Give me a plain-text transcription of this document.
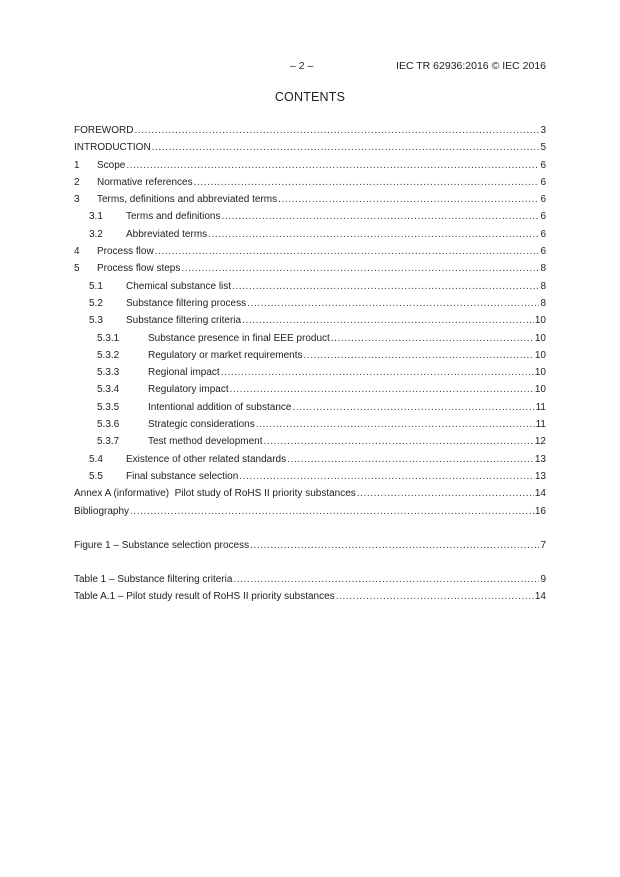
– 2 –	IEC TR 62936:2016 © IEC 2016
CONTENTS
FOREWORD .....	3
INTRODUCTION .....	5
1	Scope .....	6
2	Normative references .....	6
3	Terms, definitions and abbreviated terms .....	6
3.1	Terms and definitions .....	6
3.2	Abbreviated terms .....	6
4	Process flow .....	6
5	Process flow steps .....	8
5.1	Chemical substance list .....	8
5.2	Substance filtering process .....	8
5.3	Substance filtering criteria .....	10
5.3.1	Substance presence in final EEE product .....	10
5.3.2	Regulatory or market requirements .....	10
5.3.3	Regional impact .....	10
5.3.4	Regulatory impact .....	10
5.3.5	Intentional addition of substance .....	11
5.3.6	Strategic considerations .....	11
5.3.7	Test method development .....	12
5.4	Existence of other related standards .....	13
5.5	Final substance selection .....	13
Annex A (informative)  Pilot study of RoHS II priority substances .....	14
Bibliography .....	16
Figure 1 – Substance selection process .....	7
Table 1 – Substance filtering criteria .....	9
Table A.1 – Pilot study result of RoHS II priority substances .....	14
